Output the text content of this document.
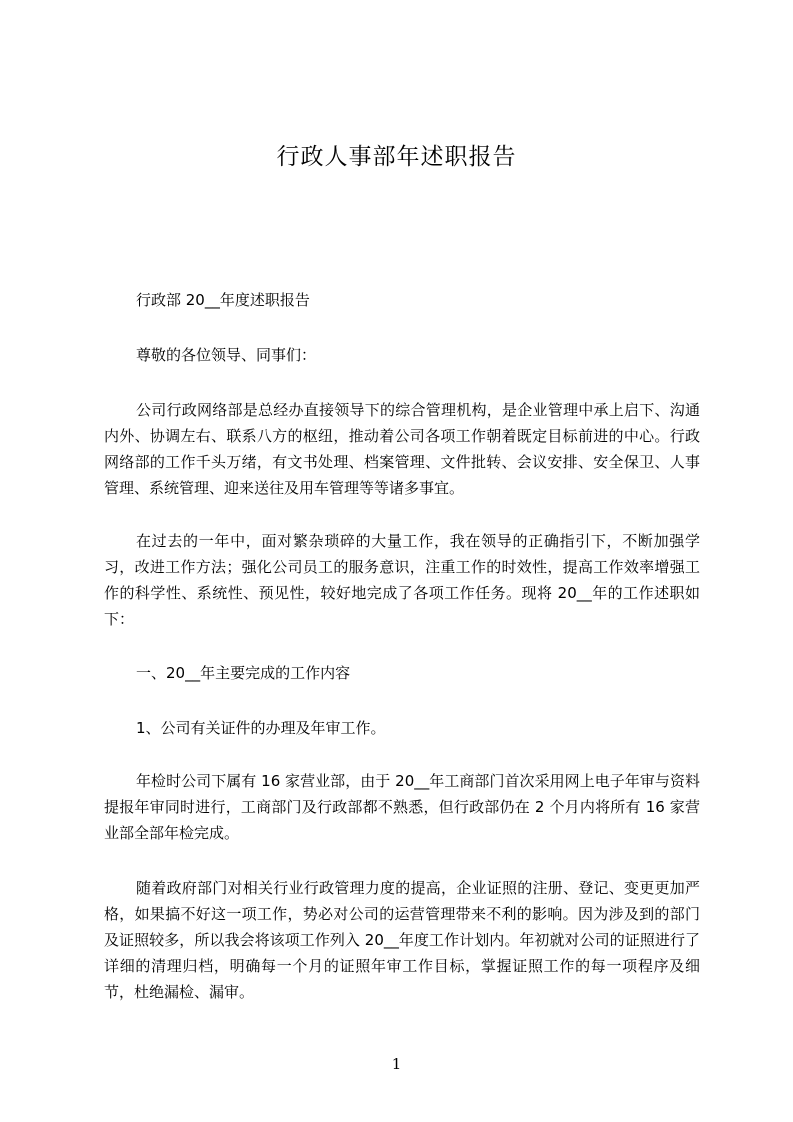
行政人事部年述职报告

行政部 20__年度述职报告

尊敬的各位领导、同事们：

公司行政网络部是总经办直接领导下的综合管理机构，是企业管理中承上启下、沟通内外、协调左右、联系八方的枢纽，推动着公司各项工作朝着既定目标前进的中心。行政网络部的工作千头万绪，有文书处理、档案管理、文件批转、会议安排、安全保卫、人事管理、系统管理、迎来送往及用车管理等等诸多事宜。

在过去的一年中，面对繁杂琐碎的大量工作，我在领导的正确指引下，不断加强学习，改进工作方法；强化公司员工的服务意识，注重工作的时效性，提高工作效率增强工作的科学性、系统性、预见性，较好地完成了各项工作任务。现将 20__年的工作述职如下：

一、20__年主要完成的工作内容

1、公司有关证件的办理及年审工作。

年检时公司下属有 16 家营业部，由于 20__年工商部门首次采用网上电子年审与资料提报年审同时进行，工商部门及行政部都不熟悉，但行政部仍在 2 个月内将所有 16 家营业部全部年检完成。

随着政府部门对相关行业行政管理力度的提高，企业证照的注册、登记、变更更加严格，如果搞不好这一项工作，势必对公司的运营管理带来不利的影响。因为涉及到的部门及证照较多，所以我会将该项工作列入 20__年度工作计划内。年初就对公司的证照进行了详细的清理归档，明确每一个月的证照年审工作目标，掌握证照工作的每一项程序及细节，杜绝漏检、漏审。

1
